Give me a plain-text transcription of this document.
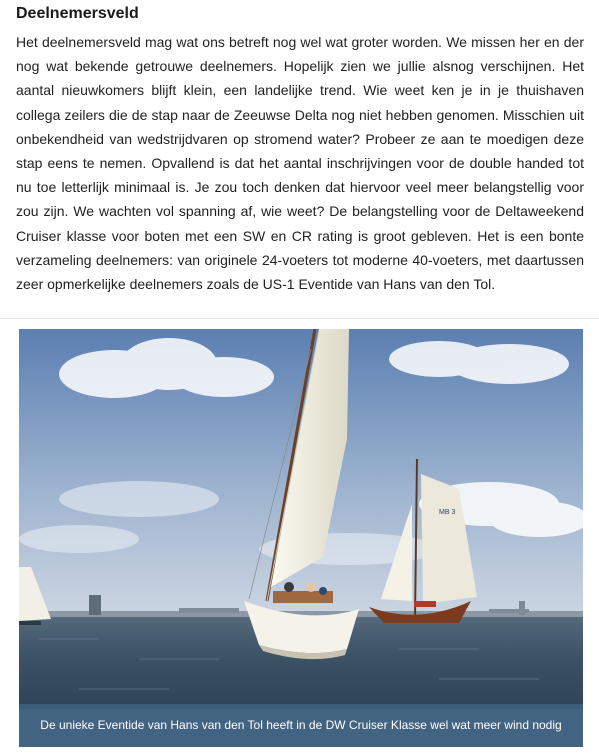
Deelnemersveld

Het deelnemersveld mag wat ons betreft nog wel wat groter worden. We missen her en der nog wat bekende getrouwe deelnemers. Hopelijk zien we jullie alsnog verschijnen. Het aantal nieuwkomers blijft klein, een landelijke trend. Wie weet ken je in je thuishaven collega zeilers die de stap naar de Zeeuwse Delta nog niet hebben genomen. Misschien uit onbekendheid van wedstrijdvaren op stromend water? Probeer ze aan te moedigen deze stap eens te nemen. Opvallend is dat het aantal inschrijvingen voor de double handed tot nu toe letterlijk minimaal is. Je zou toch denken dat hiervoor veel meer belangstellig voor zou zijn. We wachten vol spanning af, wie weet? De belangstelling voor de Deltaweekend Cruiser klasse voor boten met een SW en CR rating is groot gebleven. Het is een bonte verzameling deelnemers: van originele 24-voeters tot moderne 40-voeters, met daartussen zeer opmerkelijke deelnemers zoals de US-1 Eventide van Hans van den Tol.

MB 3
De unieke Eventide van Hans van den Tol heeft in de DW Cruiser Klasse wel wat meer wind nodig
